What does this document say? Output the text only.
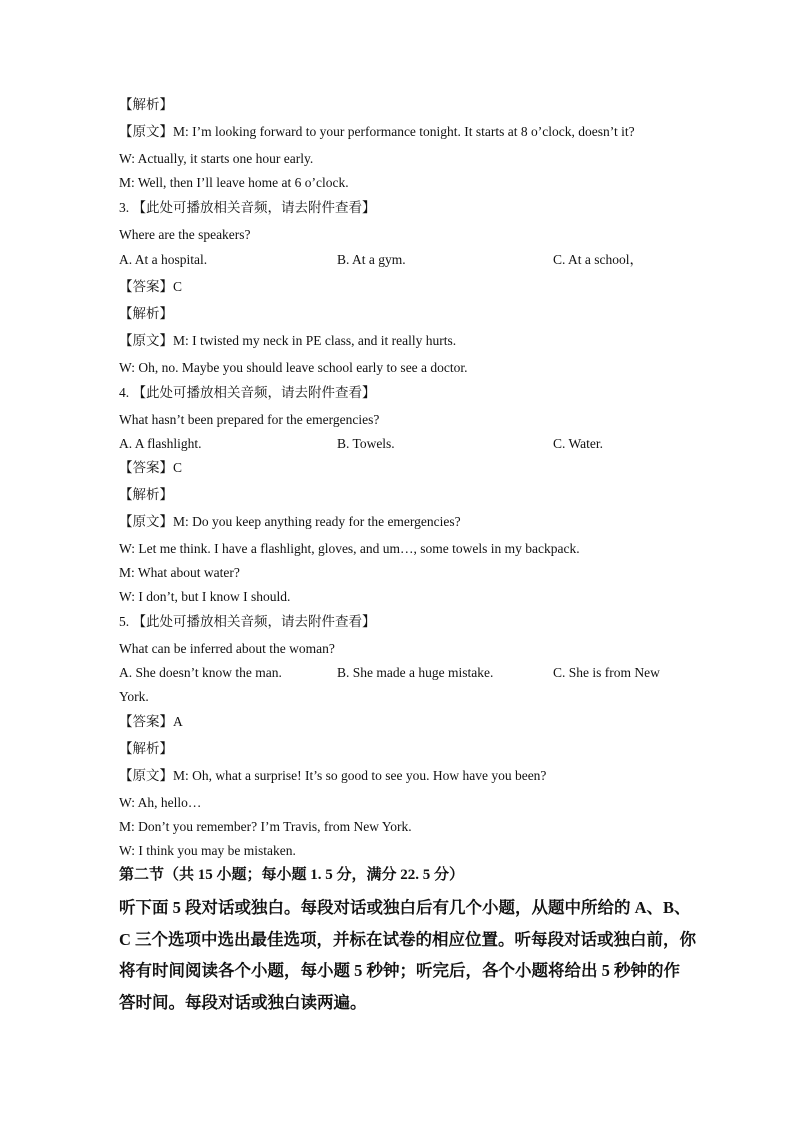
【解析】
【原文】M: I’m looking forward to your performance tonight. It starts at 8 o’clock, doesn’t it?
W: Actually, it starts one hour early.
M: Well, then I’ll leave home at 6 o’clock.
3. 【此处可播放相关音频，请去附件查看】
Where are the speakers?
A. At a hospital.	B. At a gym.	C. At a school，
【答案】C
【解析】
【原文】M: I twisted my neck in PE class, and it really hurts.
W: Oh, no. Maybe you should leave school early to see a doctor.
4. 【此处可播放相关音频，请去附件查看】
What hasn’t been prepared for the emergencies?
A. A flashlight.	B. Towels.	C. Water.
【答案】C
【解析】
【原文】M: Do you keep anything ready for the emergencies?
W: Let me think. I have a flashlight, gloves, and um…, some towels in my backpack.
M: What about water?
W: I don’t, but I know I should.
5. 【此处可播放相关音频，请去附件查看】
What can be inferred about the woman?
A. She doesn’t know the man.	B. She made a huge mistake.	C. She is from New
York.
【答案】A
【解析】
【原文】M: Oh, what a surprise! It’s so good to see you. How have you been?
W: Ah, hello…
M: Don’t you remember? I’m Travis, from New York.
W: I think you may be mistaken.
第二节（共 15 小题；每小题 1. 5 分，满分 22. 5 分）
听下面 5 段对话或独白。每段对话或独白后有几个小题，从题中所给的 A、B、
C 三个选项中选出最佳选项，并标在试卷的相应位置。听每段对话或独白前，你
将有时间阅读各个小题，每小题 5 秒钟；听完后，各个小题将给出 5 秒钟的作
答时间。每段对话或独白读两遍。
